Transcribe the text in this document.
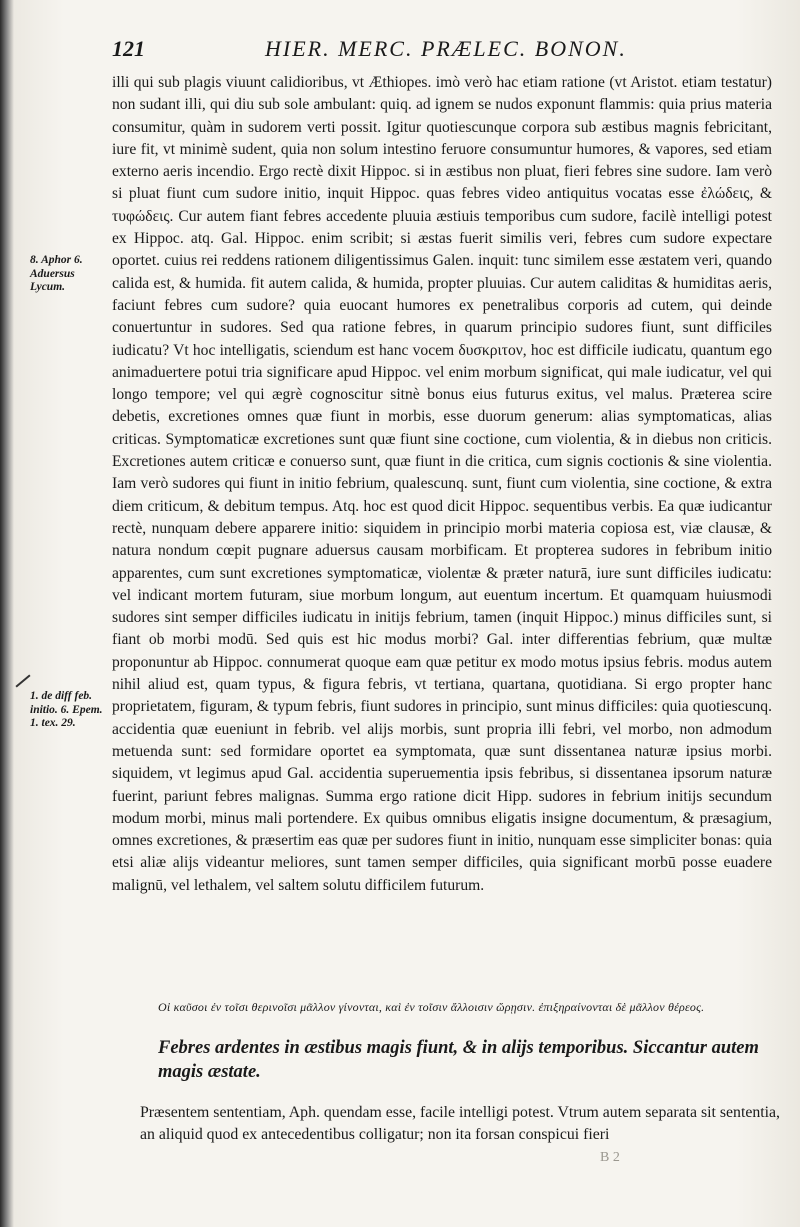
121	HIER. MERC. PRÆLEC. BONON.

illi qui sub plagis viuunt calidioribus, vt Æthiopes. imò verò hac etiam ratione (vt Aristot. etiam testatur) non sudant illi, qui diu sub sole ambulant: quiq. ad ignem se nudos exponunt flammis: quia prius materia consumitur, quàm in sudorem verti possit. Igitur quotiescunque corpora sub æstibus magnis febricitant, iure fit, vt minimè sudent, quia non solum intestino feruore consumuntur humores, & vapores, sed etiam externo aeris incendio. Ergo rectè dixit Hippoc. si in æstibus non pluat, fieri febres sine sudore. Iam verò si pluat fiunt cum sudore initio, inquit Hippoc. quas febres video antiquitus vocatas esse ἐλώδεις, & τυφώδεις. Cur autem fiant febres accedente pluuia æstiuis temporibus cum sudore, facilè intelligi potest ex Hippoc. atq. Gal. Hippoc. enim scribit; si æstas fuerit similis veri, febres cum sudore expectare oportet. cuius rei reddens rationem diligentissimus Galen. inquit: tunc similem esse æstatem veri, quando calida est, & humida. fit autem calida, & humida, propter pluuias. Cur autem caliditas & humiditas aeris, faciunt febres cum sudore? quia euocant humores ex penetralibus corporis ad cutem, qui deinde conuertuntur in sudores. Sed qua ratione febres, in quarum principio sudores fiunt, sunt difficiles iudicatu? Vt hoc intelligatis, sciendum est hanc vocem δυσκριτον, hoc est difficile iudicatu, quantum ego animaduertere potui tria significare apud Hippoc. vel enim morbum significat, qui male iudicatur, vel qui longo tempore; vel qui ægrè cognoscitur sitnè bonus eius futurus exitus, vel malus. Præterea scire debetis, excretiones omnes quæ fiunt in morbis, esse duorum generum: alias symptomaticas, alias criticas. Symptomaticæ excretiones sunt quæ fiunt sine coctione, cum violentia, & in diebus non criticis. Excretiones autem criticæ e conuerso sunt, quæ fiunt in die critica, cum signis coctionis & sine violentia. Iam verò sudores qui fiunt in initio febrium, qualescunq. sunt, fiunt cum violentia, sine coctione, & extra diem criticum, & debitum tempus. Atq. hoc est quod dicit Hippoc. sequentibus verbis. Ea quæ iudicantur rectè, nunquam debere apparere initio: siquidem in principio morbi materia copiosa est, viæ clausæ, & natura nondum cœpit pugnare aduersus causam morbificam. Et propterea sudores in febribum initio apparentes, cum sunt excretiones symptomaticæ, violentæ & præter naturā, iure sunt difficiles iudicatu: vel indicant mortem futuram, siue morbum longum, aut euentum incertum. Et quamquam huiusmodi sudores sint semper difficiles iudicatu in initijs febrium, tamen (inquit Hippoc.) minus difficiles sunt, si fiant ob morbi modū. Sed quis est hic modus morbi? Gal. inter differentias febrium, quæ multæ proponuntur ab Hippoc. connumerat quoque eam quæ petitur ex modo motus ipsius febris. modus autem nihil aliud est, quam typus, & figura febris, vt tertiana, quartana, quotidiana. Si ergo propter hanc proprietatem, figuram, & typum febris, fiunt sudores in principio, sunt minus difficiles: quia quotiescunq. accidentia quæ eueniunt in febrib. vel alijs morbis, sunt propria illi febri, vel morbo, non admodum metuenda sunt: sed formidare oportet ea symptomata, quæ sunt dissentanea naturæ ipsius morbi. siquidem, vt legimus apud Gal. accidentia superuementia ipsis febribus, si dissentanea ipsorum naturæ fuerint, pariunt febres malignas. Summa ergo ratione dicit Hipp. sudores in febrium initijs secundum modum morbi, minus mali portendere. Ex quibus omnibus eligatis insigne documentum, & præsagium, omnes excretiones, & præsertim eas quæ per sudores fiunt in initio, nunquam esse simpliciter bonas: quia etsi aliæ alijs videantur meliores, sunt tamen semper difficiles, quia significant morbū posse euadere malignū, vel lethalem, vel saltem solutu difficilem futurum.

8. Aphor 6. Aduersus Lycum.
1. de diff feb. initio. 6. Epem. 1. tex. 29.
Οἱ καῦσοι ἐν τοῖσι θερινοῖσι μᾶλλον γίνονται, καὶ ἐν τοῖσιν ἄλλοισιν ὥρῃσιν. ἐπιξηραίνονται δὲ μᾶλλον θέρεος.

Febres ardentes in æstibus magis fiunt, & in alijs temporibus. Siccantur autem magis æstate.

Præsentem sententiam, Aph. quendam esse, facile intelligi potest. Vtrum autem separata sit sententia, an aliquid quod ex antecedentibus colligatur; non ita forsan conspicui fieri

B 2
